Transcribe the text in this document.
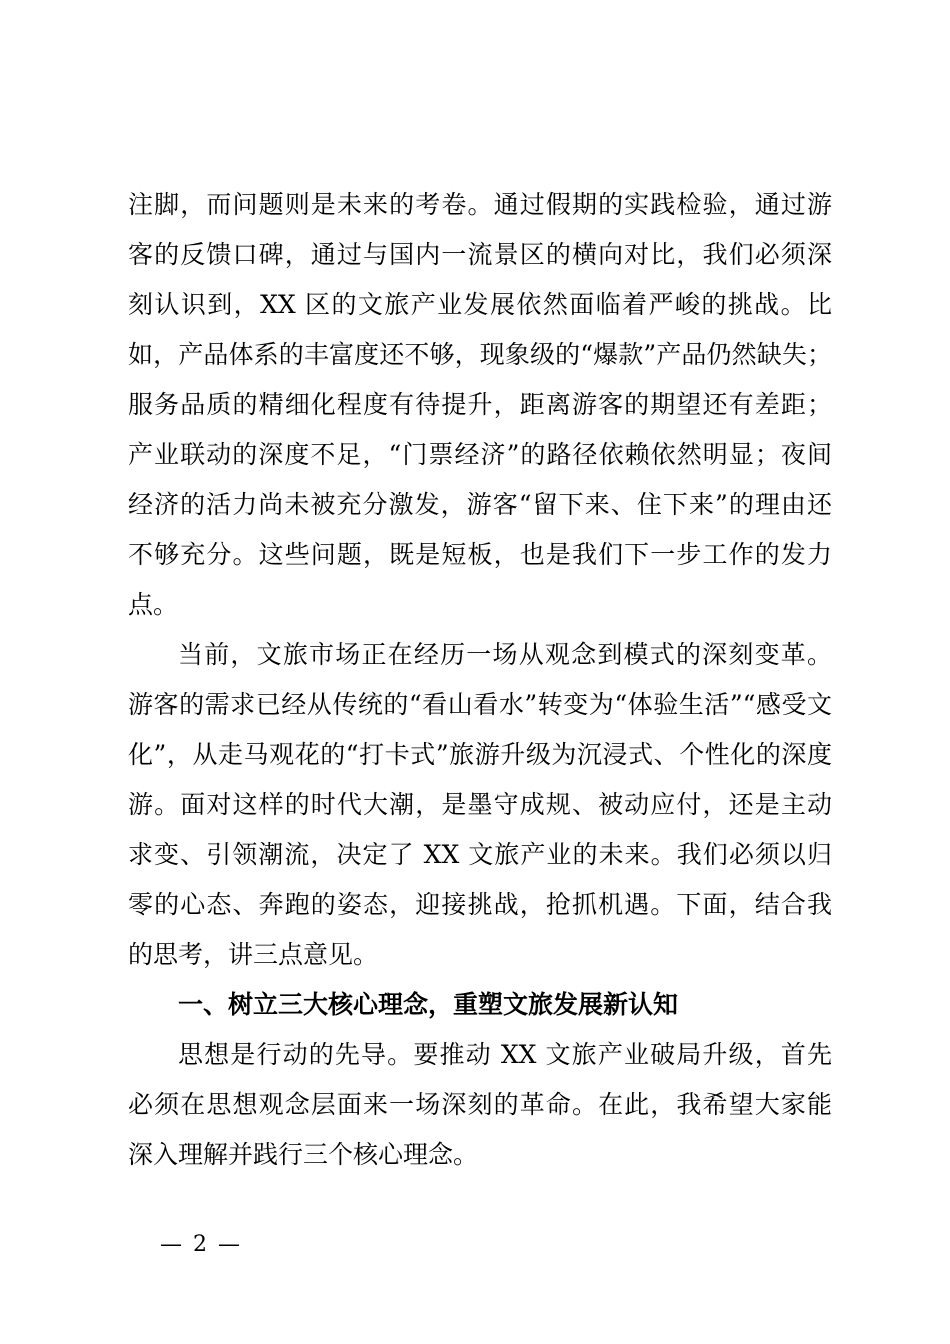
注脚，而问题则是未来的考卷。通过假期的实践检验，通过游
客的反馈口碑，通过与国内一流景区的横向对比，我们必须深
刻认识到，XX 区的文旅产业发展依然面临着严峻的挑战。比
如，产品体系的丰富度还不够，现象级的“爆款”产品仍然缺失；
服务品质的精细化程度有待提升，距离游客的期望还有差距；
产业联动的深度不足，“门票经济”的路径依赖依然明显；夜间
经济的活力尚未被充分激发，游客“留下来、住下来”的理由还
不够充分。这些问题，既是短板，也是我们下一步工作的发力
点。
当前，文旅市场正在经历一场从观念到模式的深刻变革。
游客的需求已经从传统的“看山看水”转变为“体验生活”“感受文
化”，从走马观花的“打卡式”旅游升级为沉浸式、个性化的深度
游。面对这样的时代大潮，是墨守成规、被动应付，还是主动
求变、引领潮流，决定了 XX 文旅产业的未来。我们必须以归
零的心态、奔跑的姿态，迎接挑战，抢抓机遇。下面，结合我
的思考，讲三点意见。
一、树立三大核心理念，重塑文旅发展新认知
思想是行动的先导。要推动 XX 文旅产业破局升级，首先
必须在思想观念层面来一场深刻的革命。在此，我希望大家能
深入理解并践行三个核心理念。
— 2 —
